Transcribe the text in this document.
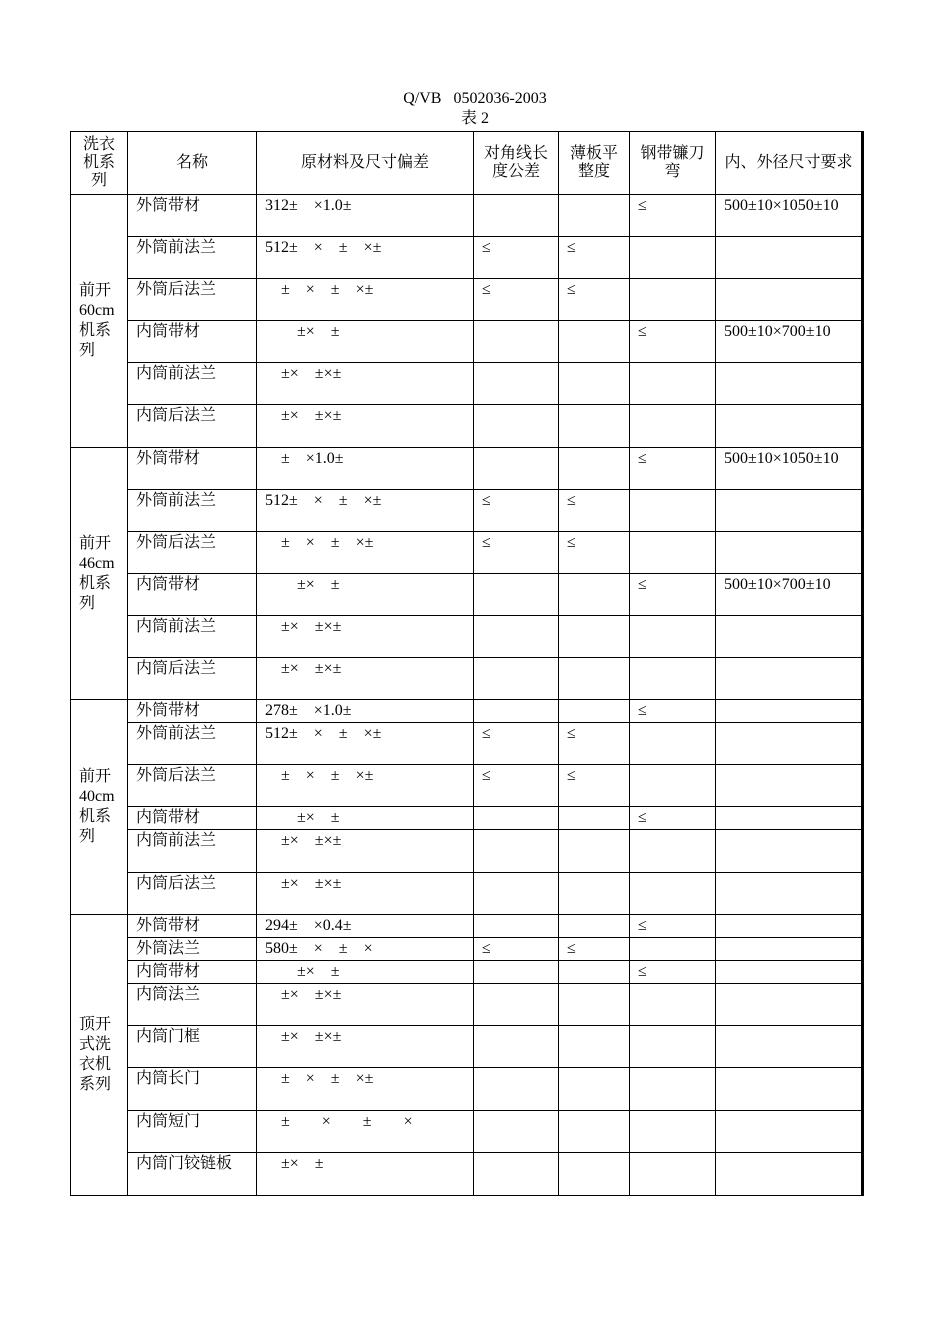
Q/VB 0502036-2003
表 2
洗衣机系列	名称	原材料及尺寸偏差	对角线长度公差	薄板平整度	钢带镰刀弯	内、外径尺寸要求
前开60cm机系列	外筒带材	312±　×1.0±			≤	500±10×1050±10
	外筒前法兰	512±　×　±　×±	≤	≤		
	外筒后法兰	　±　×　±　×±	≤	≤		
	内筒带材	　　±×　±			≤	500±10×700±10
	内筒前法兰	　±×　±×±				
	内筒后法兰	　±×　±×±				
前开46cm机系列	外筒带材	　±　×1.0±			≤	500±10×1050±10
	外筒前法兰	512±　×　±　×±	≤	≤		
	外筒后法兰	　±　×　±　×±	≤	≤		
	内筒带材	　　±×　±			≤	500±10×700±10
	内筒前法兰	　±×　±×±				
	内筒后法兰	　±×　±×±				
前开40cm机系列	外筒带材	278±　×1.0±			≤	
	外筒前法兰	512±　×　±　×±	≤	≤		
	外筒后法兰	　±　×　±　×±	≤	≤		
	内筒带材	　　±×　±			≤	
	内筒前法兰	　±×　±×±				
	内筒后法兰	　±×　±×±				
顶开式洗衣机系列	外筒带材	294±　×0.4±			≤	
	外筒法兰	580±　×　±　×	≤	≤		
	内筒带材	　　±×　±			≤	
	内筒法兰	　±×　±×±				
	内筒门框	　±×　±×±				
	内筒长门	　±　×　±　×±				
	内筒短门	　±　　×　　±　　×				
	内筒门铰链板	　±×　±				
